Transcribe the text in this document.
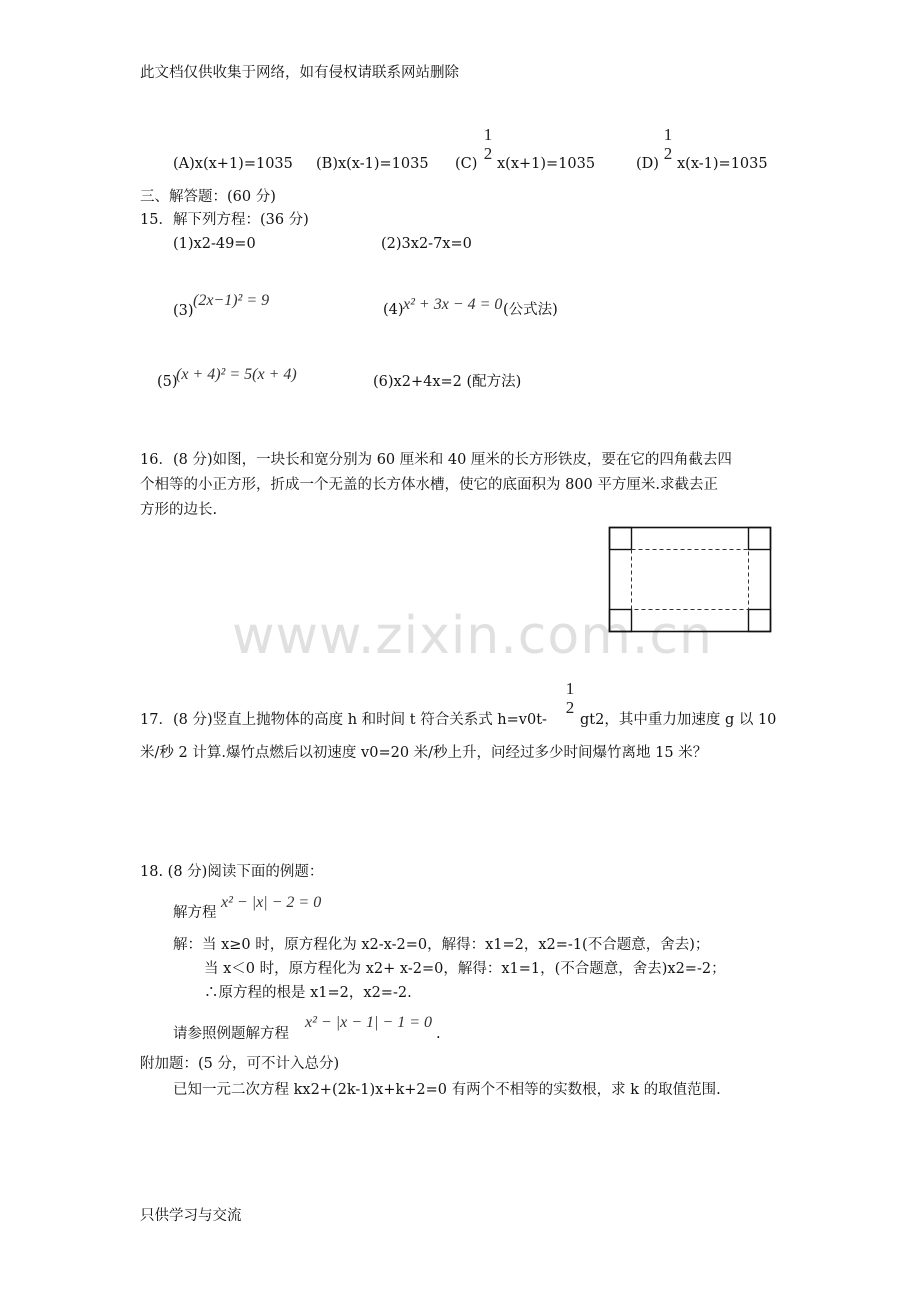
此文档仅供收集于网络，如有侵权请联系网站删除
(A)x(x+1)=1035 (B)x(x-1)=1035 (C)
1
2
x(x+1)=1035	(D)
1
2
x(x-1)=1035
三、解答题：(60 分)
15．解下列方程：(36 分)
(1)x2-49=0	(2)3x2-7x=0
(3)
(2x−1)² = 9
(4) x² + 3x − 4 = 0 (公式法)
(5)
(x + 4)² = 5(x + 4)	(6)x2+4x=2 (配方法)
16．(8 分)如图，一块长和宽分别为 60 厘米和 40 厘米的长方形铁皮，要在它的四角截去四
个相等的小正方形，折成一个无盖的长方体水槽，使它的底面积为 800 平方厘米.求截去正
方形的边长.
www.zixin.com.cn
17．(8 分)竖直上抛物体的高度 h 和时间 t 符合关系式 h=v0t-
1
2
gt2，其中重力加速度 g 以 10
米/秒 2 计算.爆竹点燃后以初速度 v0=20 米/秒上升，问经过多少时间爆竹离地 15 米？
18. (8 分)阅读下面的例题：
解方程
x² − |x| − 2 = 0
解：当 x≥0 时，原方程化为 x2-x-2=0，解得：x1=2，x2=-1(不合题意，舍去)；
当 x＜0 时，原方程化为 x2+ x-2=0，解得：x1=1，(不合题意，舍去)x2=-2；
∴原方程的根是 x1=2，x2=-2.
请参照例题解方程
x² − |x − 1| − 1 = 0
.
附加题：(5 分，可不计入总分)
已知一元二次方程 kx2+(2k-1)x+k+2=0 有两个不相等的实数根，求 k 的取值范围.
只供学习与交流
